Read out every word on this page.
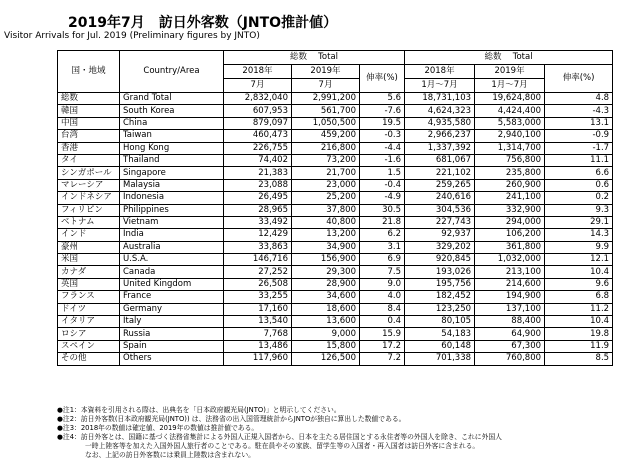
2019年7月　訪日外客数（JNTO推計値）
Visitor Arrivals for Jul. 2019 (Preliminary figures by JNTO)
国・地域	Country/Area	総数　 Total			総数　 Total		
		2018年	2019年	伸率(%)	2018年	2019年	伸率(%)
		7月	7月		1月～7月	1月～7月	
総数	Grand Total	2,832,040	2,991,200	5.6	18,731,103	19,624,800	4.8
韓国	South Korea	607,953	561,700	-7.6	4,624,323	4,424,400	-4.3
中国	China	879,097	1,050,500	19.5	4,935,580	5,583,000	13.1
台湾	Taiwan	460,473	459,200	-0.3	2,966,237	2,940,100	-0.9
香港	Hong Kong	226,755	216,800	-4.4	1,337,392	1,314,700	-1.7
タイ	Thailand	74,402	73,200	-1.6	681,067	756,800	11.1
シンガポール	Singapore	21,383	21,700	1.5	221,102	235,800	6.6
マレーシア	Malaysia	23,088	23,000	-0.4	259,265	260,900	0.6
インドネシア	Indonesia	26,495	25,200	-4.9	240,616	241,100	0.2
フィリピン	Philippines	28,965	37,800	30.5	304,536	332,900	9.3
ベトナム	Vietnam	33,492	40,800	21.8	227,743	294,000	29.1
インド	India	12,429	13,200	6.2	92,937	106,200	14.3
豪州	Australia	33,863	34,900	3.1	329,202	361,800	9.9
米国	U.S.A.	146,716	156,900	6.9	920,845	1,032,000	12.1
カナダ	Canada	27,252	29,300	7.5	193,026	213,100	10.4
英国	United Kingdom	26,508	28,900	9.0	195,756	214,600	9.6
フランス	France	33,255	34,600	4.0	182,452	194,900	6.8
ドイツ	Germany	17,160	18,600	8.4	123,250	137,100	11.2
イタリア	Italy	13,540	13,600	0.4	80,105	88,400	10.4
ロシア	Russia	7,768	9,000	15.9	54,183	64,900	19.8
スペイン	Spain	13,486	15,800	17.2	60,148	67,300	11.9
その他	Others	117,960	126,500	7.2	701,338	760,800	8.5
●注1：本資料を引用される際は、出典名を「日本政府観光局(JNTO)」と明示してください。
●注2：訪日外客数(日本政府観光局(JNTO)) は、法務省の出入国管理統計からJNTOが独自に算出した数値である。
●注3：2018年の数値は確定値、2019年の数値は推計値である。
●注4：訪日外客とは、国籍に基づく法務省集計による外国人正規入国者から、日本を主たる居住国とする永住者等の外国人を除き、これに外国人
一時上陸客等を加えた入国外国人旅行者のことである。駐在員やその家族、留学生等の入国者・再入国者は訪日外客に含まれる。
なお、上記の訪日外客数には乗員上陸数は含まれない。
